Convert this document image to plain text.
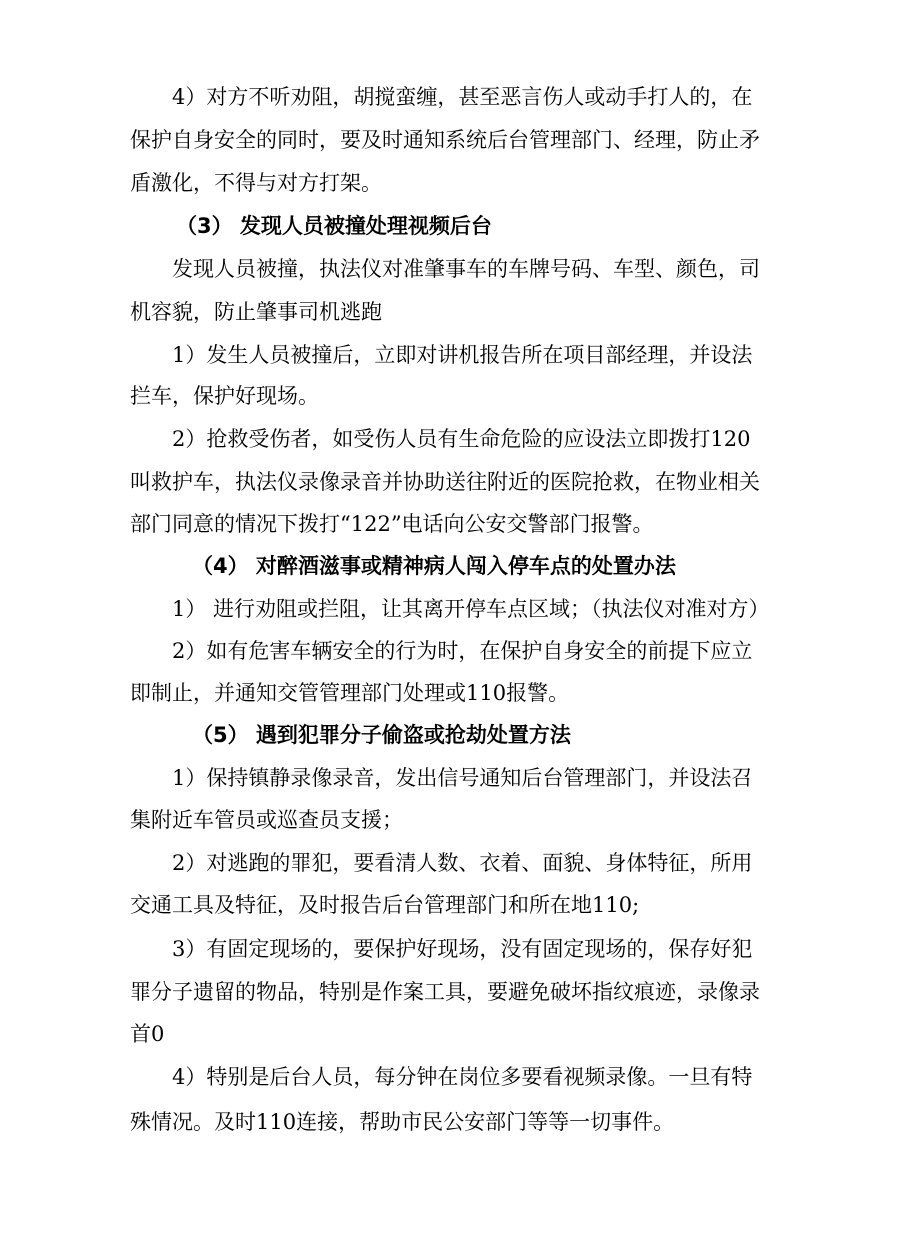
4）对方不听劝阻，胡搅蛮缠，甚至恶言伤人或动手打人的，在
保护自身安全的同时，要及时通知系统后台管理部门、经理，防止矛
盾激化，不得与对方打架。
（3） 发现人员被撞处理视频后台
发现人员被撞，执法仪对准肇事车的车牌号码、车型、颜色，司
机容貌，防止肇事司机逃跑
1）发生人员被撞后，立即对讲机报告所在项目部经理，并设法
拦车，保护好现场。
2）抢救受伤者，如受伤人员有生命危险的应设法立即拨打120
叫救护车，执法仪录像录音并协助送往附近的医院抢救，在物业相关
部门同意的情况下拨打“122”电话向公安交警部门报警。
（4） 对醉酒滋事或精神病人闯入停车点的处置办法
1） 进行劝阻或拦阻，让其离开停车点区域；（执法仪对准对方）
2）如有危害车辆安全的行为时，在保护自身安全的前提下应立
即制止，并通知交管管理部门处理或110报警。
（5） 遇到犯罪分子偷盗或抢劫处置方法
1）保持镇静录像录音，发出信号通知后台管理部门，并设法召
集附近车管员或巡查员支援；
2）对逃跑的罪犯，要看清人数、衣着、面貌、身体特征，所用
交通工具及特征，及时报告后台管理部门和所在地110;
3）有固定现场的，要保护好现场，没有固定现场的，保存好犯
罪分子遗留的物品，特别是作案工具，要避免破坏指纹痕迹，录像录
首0
4）特别是后台人员，每分钟在岗位多要看视频录像。一旦有特
殊情况。及时110连接，帮助市民公安部门等等一切事件。
